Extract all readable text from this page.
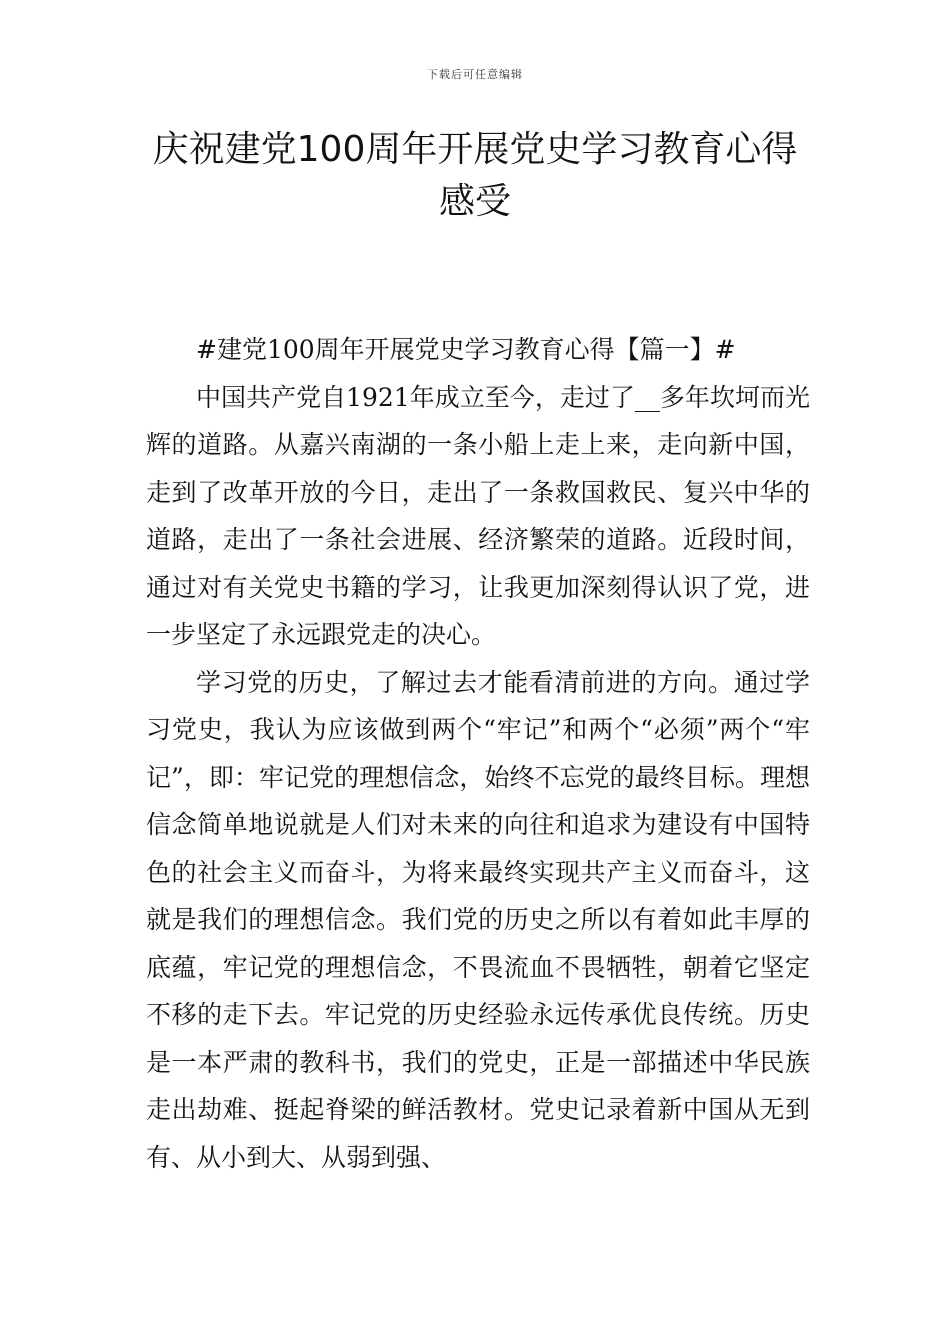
下载后可任意编辑
庆祝建党100周年开展党史学习教育心得
感受

#建党100周年开展党史学习教育心得【篇一】#

中国共产党自1921年成立至今，走过了__多年坎坷而光辉的道路。从嘉兴南湖的一条小船上走上来，走向新中国，走到了改革开放的今日，走出了一条救国救民、复兴中华的道路，走出了一条社会进展、经济繁荣的道路。近段时间，通过对有关党史书籍的学习，让我更加深刻得认识了党，进一步坚定了永远跟党走的决心。

学习党的历史，了解过去才能看清前进的方向。通过学习党史，我认为应该做到两个“牢记”和两个“必须”两个“牢记”，即：牢记党的理想信念，始终不忘党的最终目标。理想信念简单地说就是人们对未来的向往和追求为建设有中国特色的社会主义而奋斗，为将来最终实现共产主义而奋斗，这就是我们的理想信念。我们党的历史之所以有着如此丰厚的底蕴，牢记党的理想信念，不畏流血不畏牺牲，朝着它坚定不移的走下去。牢记党的历史经验永远传承优良传统。历史是一本严肃的教科书，我们的党史，正是一部描述中华民族走出劫难、挺起脊梁的鲜活教材。党史记录着新中国从无到有、从小到大、从弱到强、
